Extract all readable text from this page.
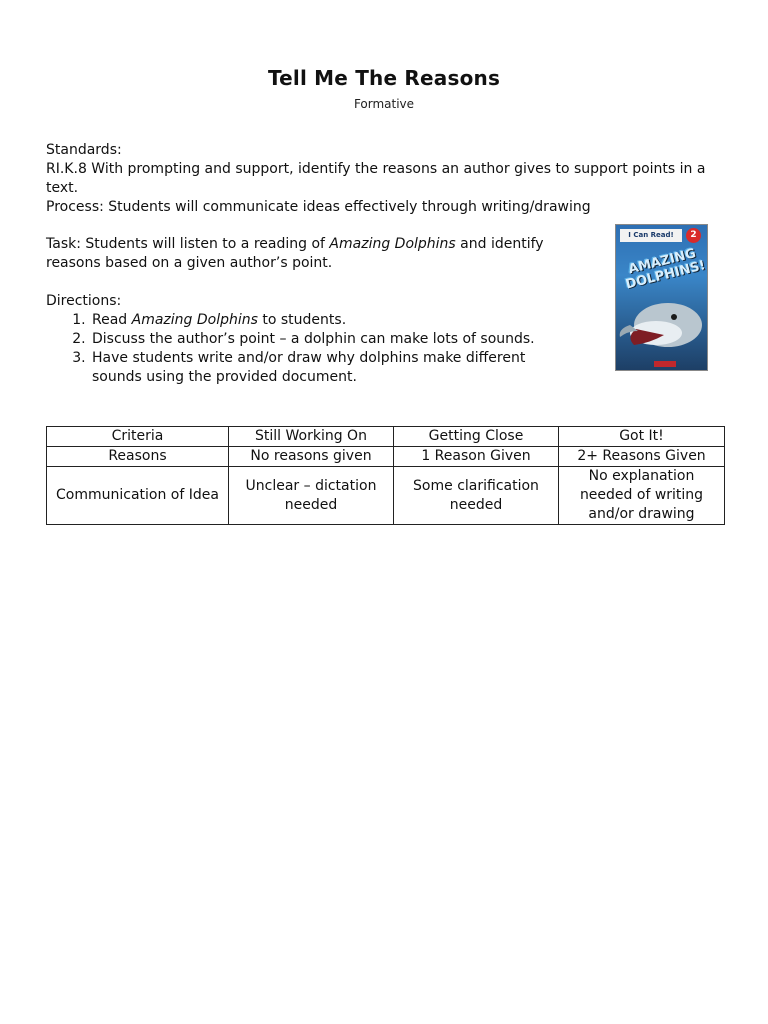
Tell Me The Reasons
Formative
Standards:
RI.K.8 With prompting and support, identify the reasons an author gives to support points in a text.
Process: Students will communicate ideas effectively through writing/drawing
Task: Students will listen to a reading of Amazing Dolphins and identify reasons based on a given author’s point.
Directions:
1. Read Amazing Dolphins to students.
2. Discuss the author’s point – a dolphin can make lots of sounds.
3. Have students write and/or draw why dolphins make different sounds using the provided document.
I Can Read!	2
AMAZING DOLPHINS!
Criteria	Still Working On	Getting Close	Got It!
Reasons	No reasons given	1 Reason Given	2+ Reasons Given
Communication of Idea	Unclear – dictation needed	Some clarification needed	No explanation needed of writing and/or drawing
